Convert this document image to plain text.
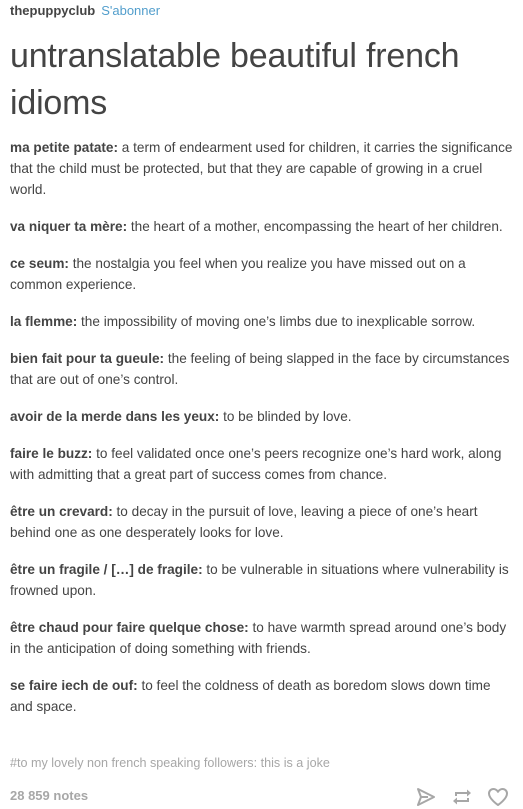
thepuppyclub S'abonner
untranslatable beautiful french idioms

ma petite patate: a term of endearment used for children, it carries the significance that the child must be protected, but that they are capable of growing in a cruel world.

va niquer ta mère: the heart of a mother, encompassing the heart of her children.

ce seum: the nostalgia you feel when you realize you have missed out on a common experience.

la flemme: the impossibility of moving one’s limbs due to inexplicable sorrow.

bien fait pour ta gueule: the feeling of being slapped in the face by circumstances that are out of one’s control.

avoir de la merde dans les yeux: to be blinded by love.

faire le buzz: to feel validated once one’s peers recognize one’s hard work, along with admitting that a great part of success comes from chance.

être un crevard: to decay in the pursuit of love, leaving a piece of one’s heart behind one as one desperately looks for love.

être un fragile / […] de fragile: to be vulnerable in situations where vulnerability is frowned upon.

être chaud pour faire quelque chose: to have warmth spread around one’s body in the anticipation of doing something with friends.

se faire iech de ouf: to feel the coldness of death as boredom slows down time and space.

#to my lovely non french speaking followers: this is a joke
28 859 notes
